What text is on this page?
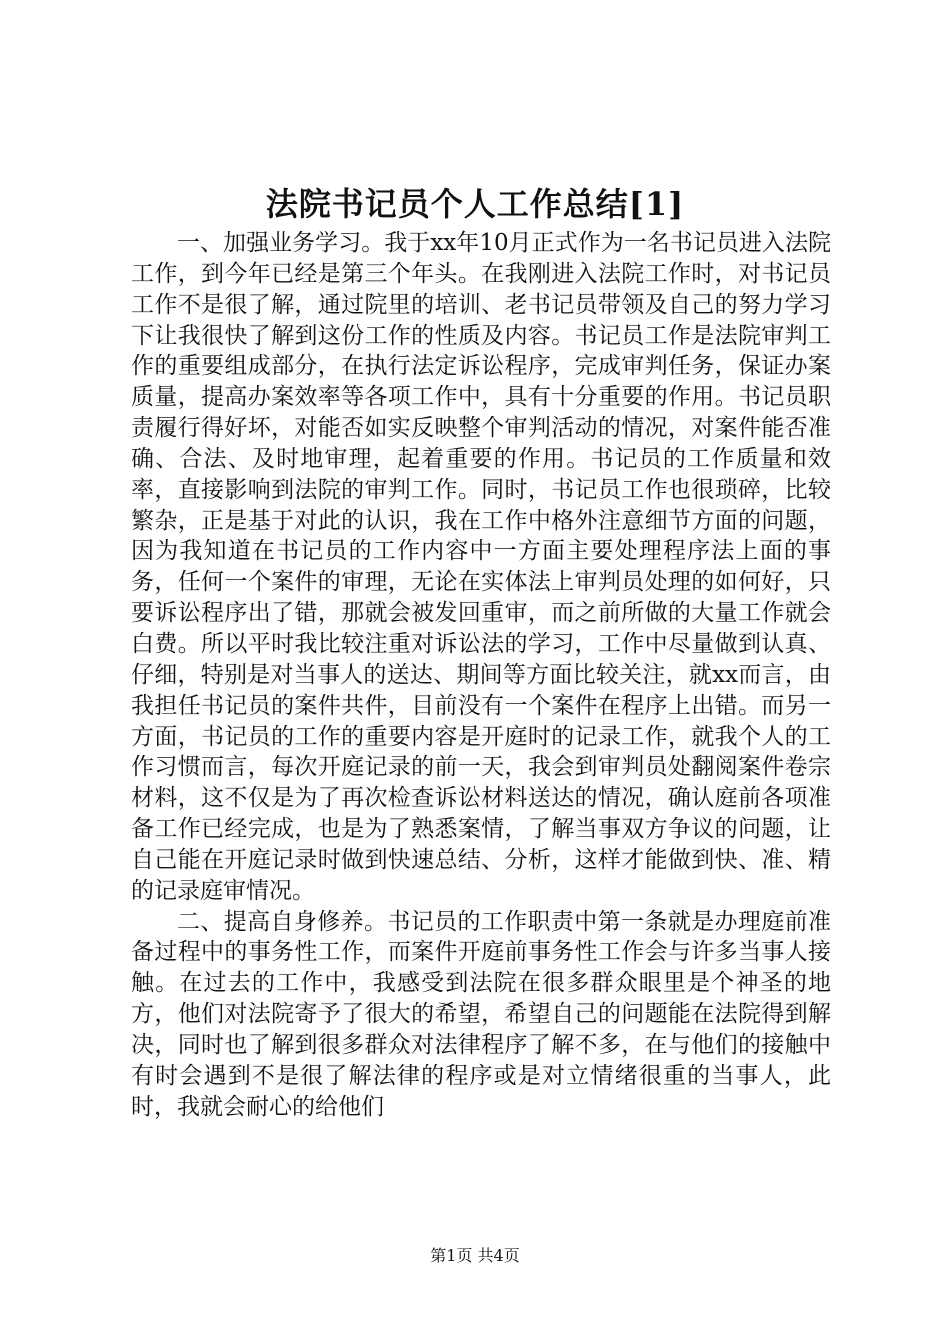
法院书记员个人工作总结[1]

一、加强业务学习。我于xx年10月正式作为一名书记员进入法院工作，到今年已经是第三个年头。在我刚进入法院工作时，对书记员工作不是很了解，通过院里的培训、老书记员带领及自己的努力学习下让我很快了解到这份工作的性质及内容。书记员工作是法院审判工作的重要组成部分，在执行法定诉讼程序，完成审判任务，保证办案质量，提高办案效率等各项工作中，具有十分重要的作用。书记员职责履行得好坏，对能否如实反映整个审判活动的情况，对案件能否准确、合法、及时地审理，起着重要的作用。书记员的工作质量和效率，直接影响到法院的审判工作。同时，书记员工作也很琐碎，比较繁杂，正是基于对此的认识，我在工作中格外注意细节方面的问题，因为我知道在书记员的工作内容中一方面主要处理程序法上面的事务，任何一个案件的审理，无论在实体法上审判员处理的如何好，只要诉讼程序出了错，那就会被发回重审，而之前所做的大量工作就会白费。所以平时我比较注重对诉讼法的学习，工作中尽量做到认真、仔细，特别是对当事人的送达、期间等方面比较关注，就xx而言，由我担任书记员的案件共件，目前没有一个案件在程序上出错。而另一方面，书记员的工作的重要内容是开庭时的记录工作，就我个人的工作习惯而言，每次开庭记录的前一天，我会到审判员处翻阅案件卷宗材料，这不仅是为了再次检查诉讼材料送达的情况，确认庭前各项准备工作已经完成，也是为了熟悉案情，了解当事双方争议的问题，让自己能在开庭记录时做到快速总结、分析，这样才能做到快、准、精的记录庭审情况。

二、提高自身修养。书记员的工作职责中第一条就是办理庭前准备过程中的事务性工作，而案件开庭前事务性工作会与许多当事人接触。在过去的工作中，我感受到法院在很多群众眼里是个神圣的地方，他们对法院寄予了很大的希望，希望自己的问题能在法院得到解决，同时也了解到很多群众对法律程序了解不多，在与他们的接触中有时会遇到不是很了解法律的程序或是对立情绪很重的当事人，此时，我就会耐心的给他们

第1页 共4页
